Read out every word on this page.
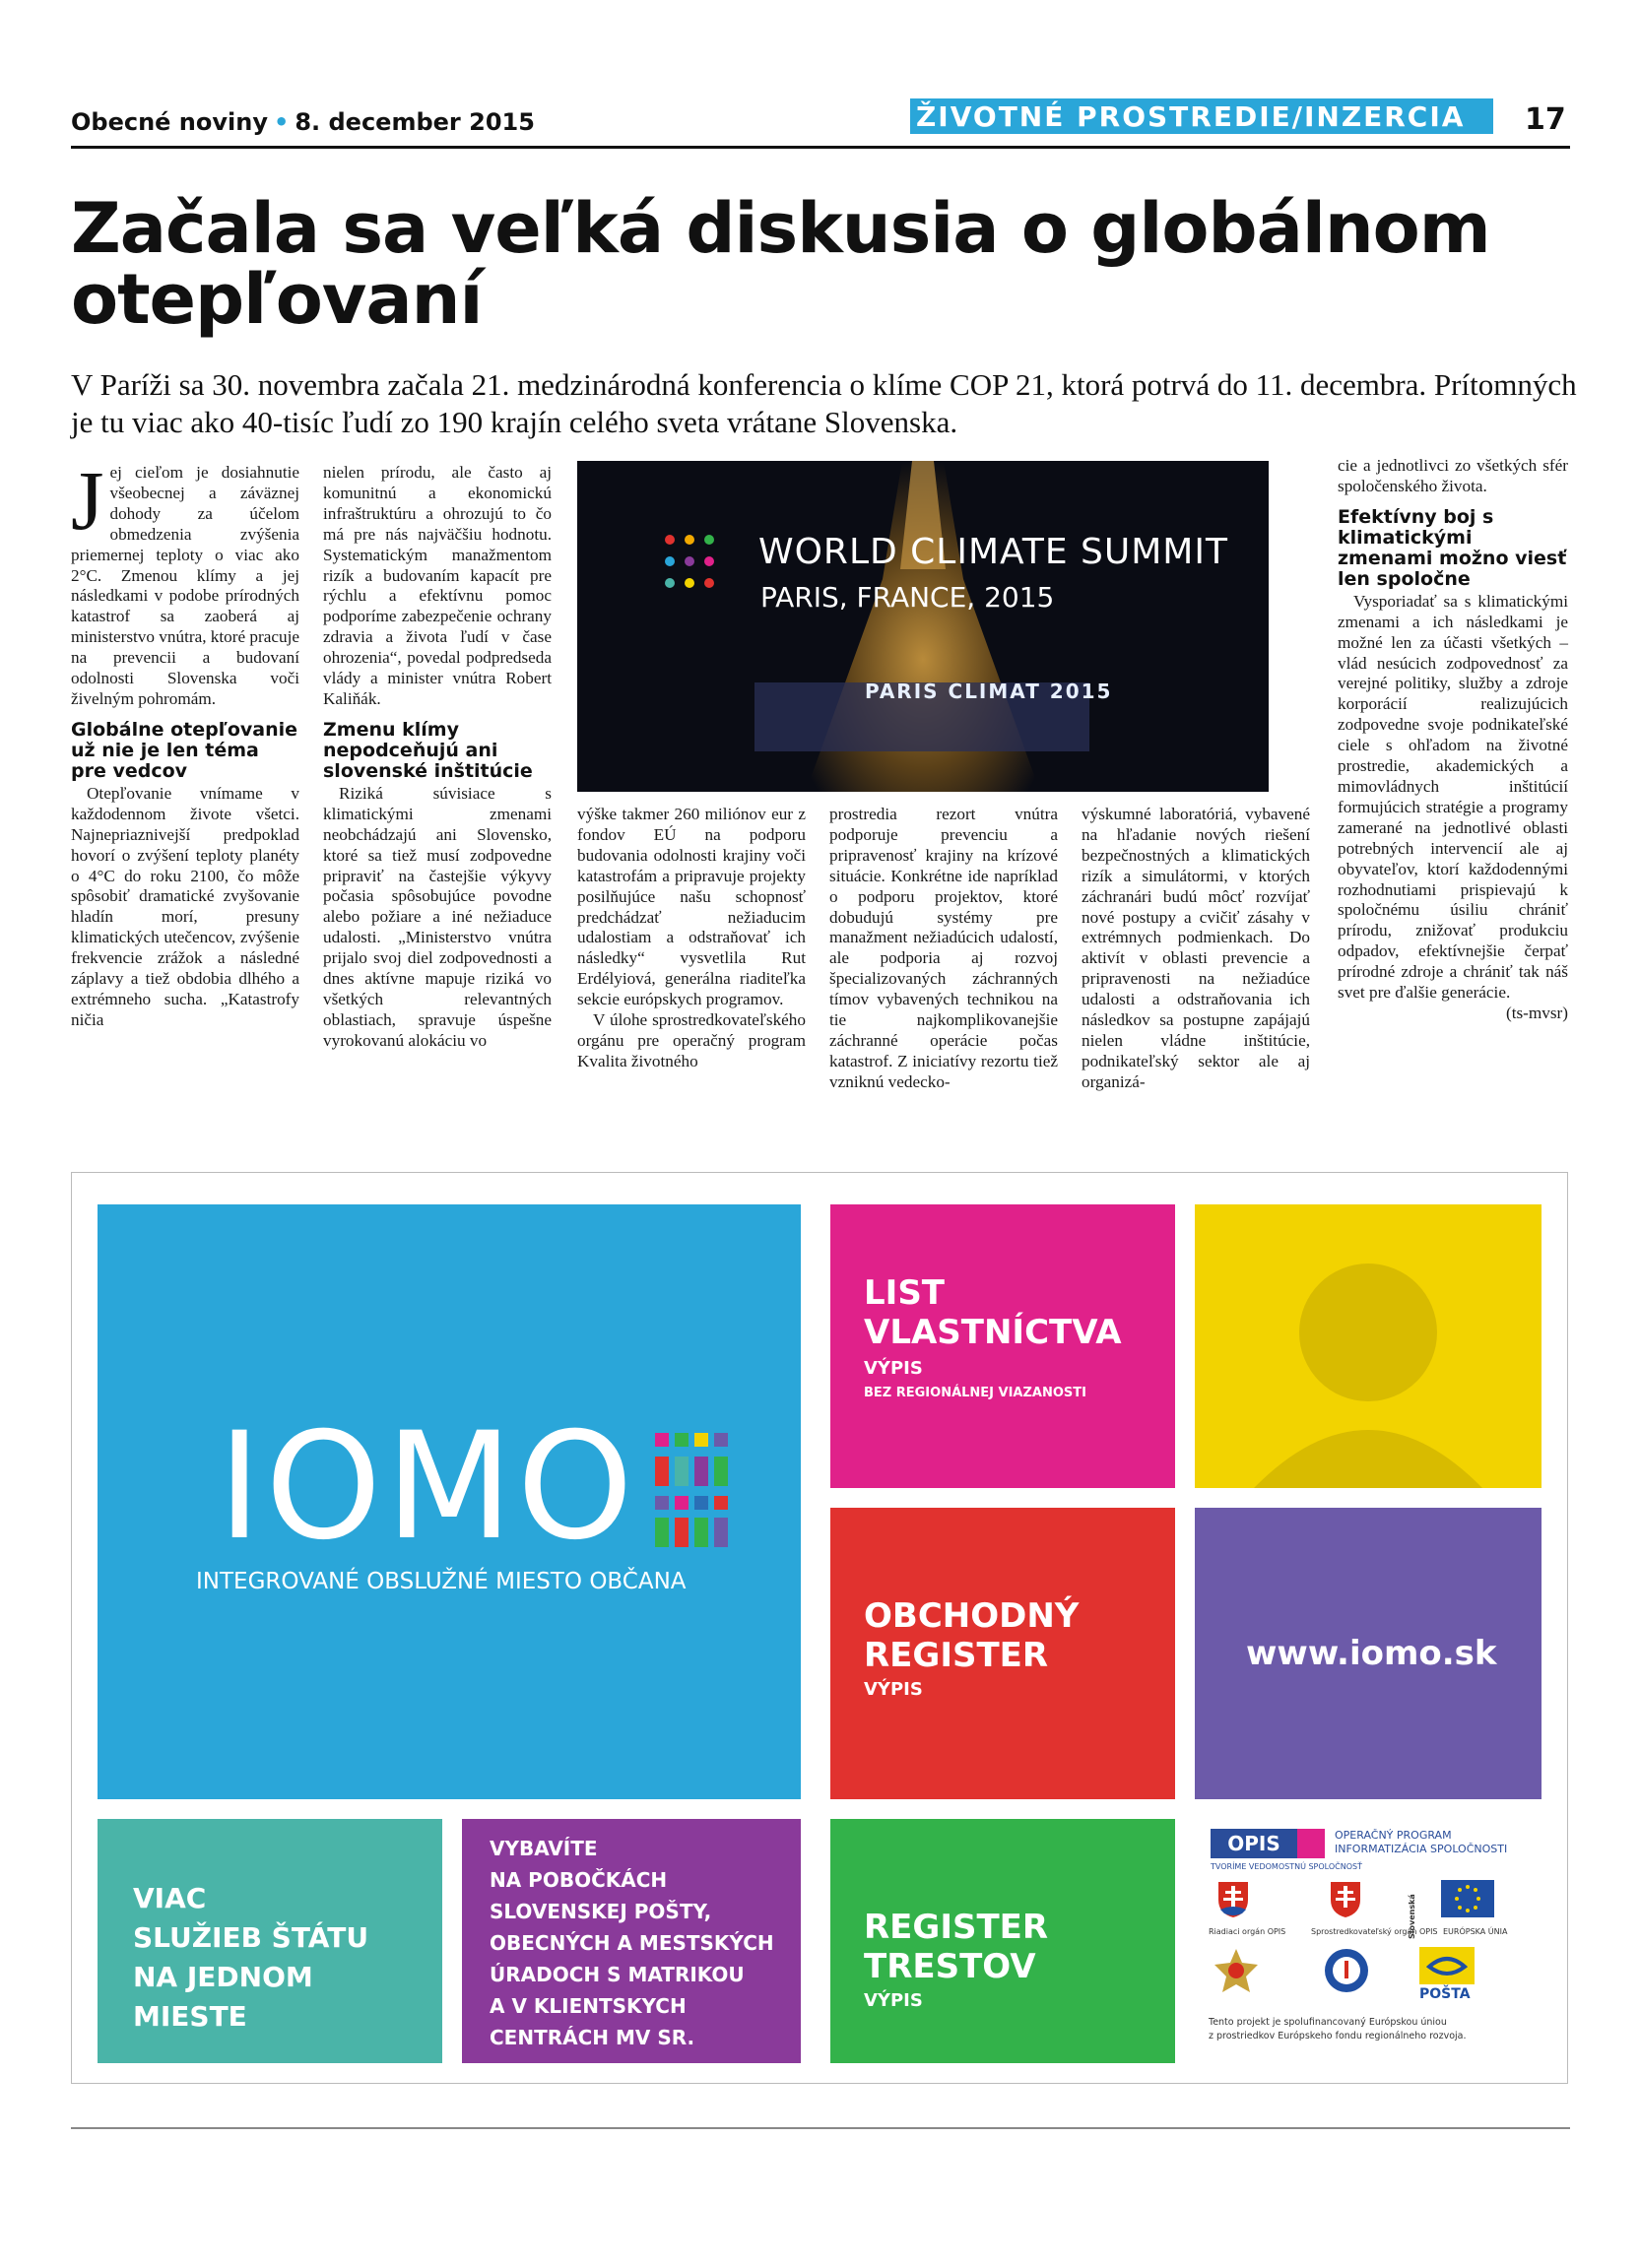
Obecné noviny • 8. december 2015	ŽIVOTNÉ PROSTREDIE/INZERCIA 17
Začala sa veľká diskusia o globálnom otepľovaní
V Paríži sa 30. novembra začala 21. medzinárodná konferencia o klíme COP 21, ktorá potrvá do 11. decembra. Prítomných je tu viac ako 40-tisíc ľudí zo 190 krajín celého sveta vrátane Slovenska.

Jej cieľom je dosiahnutie všeobecnej a záväznej dohody za účelom obmedzenia zvýšenia priemernej teploty o viac ako 2°C. Zmenou klímy a jej následkami v podobe prírodných katastrof sa zaoberá aj ministerstvo vnútra, ktoré pracuje na prevencii a budovaní odolnosti Slovenska voči živelným pohromám.

Globálne otepľovanie už nie je len téma pre vedcov

Otepľovanie vnímame v každodennom živote všetci. Najnepriaznivejší predpoklad hovorí o zvýšení teploty planéty o 4°C do roku 2100, čo môže spôsobiť dramatické zvyšovanie hladín morí, presuny klimatických utečencov, zvýšenie frekvencie zrážok a následné záplavy a tiež obdobia dlhého a extrémneho sucha. „Katastrofy ničia

nielen prírodu, ale často aj komunitnú a ekonomickú infraštruktúru a ohrozujú to čo má pre nás najväčšiu hodnotu. Systematickým manažmentom rizík a budovaním kapacít pre rýchlu a efektívnu pomoc podporíme zabezpečenie ochrany zdravia a života ľudí v čase ohrozenia“, povedal podpredseda vlády a minister vnútra Robert Kaliňák.

Zmenu klímy nepodceňujú ani slovenské inštitúcie

Riziká súvisiace s klimatickými zmenami neobchádzajú ani Slovensko, ktoré sa tiež musí zodpovedne pripraviť na častejšie výkyvy počasia spôsobujúce povodne alebo požiare a iné nežiaduce udalosti. „Ministerstvo vnútra prijalo svoj diel zodpovednosti a dnes aktívne mapuje riziká vo všetkých relevantných oblastiach, spravuje úspešne vyrokovanú alokáciu vo

WORLD CLIMATE SUMMIT
PARIS, FRANCE, 2015
PARIS CLIMAT 2015

výške takmer 260 miliónov eur z fondov EÚ na podporu budovania odolnosti krajiny voči katastrofám a pripravuje projekty posilňujúce našu schopnosť predchádzať nežiaducim udalostiam a odstraňovať ich následky“ vysvetlila Rut Erdélyiová, generálna riaditeľka sekcie európskych programov.

V úlohe sprostredkovateľského orgánu pre operačný program Kvalita životného

prostredia rezort vnútra podporuje prevenciu a pripravenosť krajiny na krízové situácie. Konkrétne ide napríklad o podporu projektov, ktoré dobudujú systémy pre manažment nežiadúcich udalostí, ale podporia aj rozvoj špecializovaných záchranných tímov vybavených technikou na tie najkomplikovanejšie záchranné operácie počas katastrof. Z iniciatívy rezortu tiež vzniknú vedecko-

výskumné laboratóriá, vybavené na hľadanie nových riešení bezpečnostných a klimatických rizík a simulátormi, v ktorých záchranári budú môcť rozvíjať nové postupy a cvičiť zásahy v extrémnych podmienkach. Do aktivít v oblasti prevencie a pripravenosti na nežiadúce udalosti a odstraňovania ich následkov sa postupne zapájajú nielen vládne inštitúcie, podnikateľský sektor ale aj organizá-

cie a jednotlivci zo všetkých sfér spoločenského života.

Efektívny boj s klimatickými zmenami možno viesť len spoločne

Vysporiadať sa s klimatickými zmenami a ich následkami je možné len za účasti všetkých – vlád nesúcich zodpovednosť za verejné politiky, služby a zdroje korporácií realizujúcich zodpovedne svoje podnikateľské ciele s ohľadom na životné prostredie, akademických a mimovládnych inštitúcií formujúcich stratégie a programy zamerané na jednotlivé oblasti potrebných intervencií ale aj obyvateľov, ktorí každodennými rozhodnutiami prispievajú k spoločnému úsiliu chrániť prírodu, znižovať produkciu odpadov, efektívnejšie čerpať prírodné zdroje a chrániť tak náš svet pre ďalšie generácie.

(ts-mvsr)
IOMO
INTEGROVANÉ OBSLUŽNÉ MIESTO OBČANA
LIST
VLASTNÍCTVA
VÝPIS
BEZ REGIONÁLNEJ VIAZANOSTI
OBCHODNÝ
REGISTER
VÝPIS
www.iomo.sk
VIAC
SLUŽIEB ŠTÁTU
NA JEDNOM
MIESTE
VYBAVÍTE
NA POBOČKÁCH
SLOVENSKEJ POŠTY,
OBECNÝCH A MESTSKÝCH
ÚRADOCH S MATRIKOU
A V KLIENTSKYCH
CENTRÁCH MV SR.
REGISTER
TRESTOV
VÝPIS
OPIS	OPERAČNÝ PROGRAM
INFORMATIZÁCIA SPOLOČNOSTI
TVORÍME VEDOMOSTNÚ SPOLOČNOSŤ
Riadiaci orgán OPIS	Sprostredkovateľský orgán OPIS EURÓPSKA ÚNIA
Slovenská
POŠTA
Tento projekt je spolufinancovaný Európskou úniou
z prostriedkov Európskeho fondu regionálneho rozvoja.
